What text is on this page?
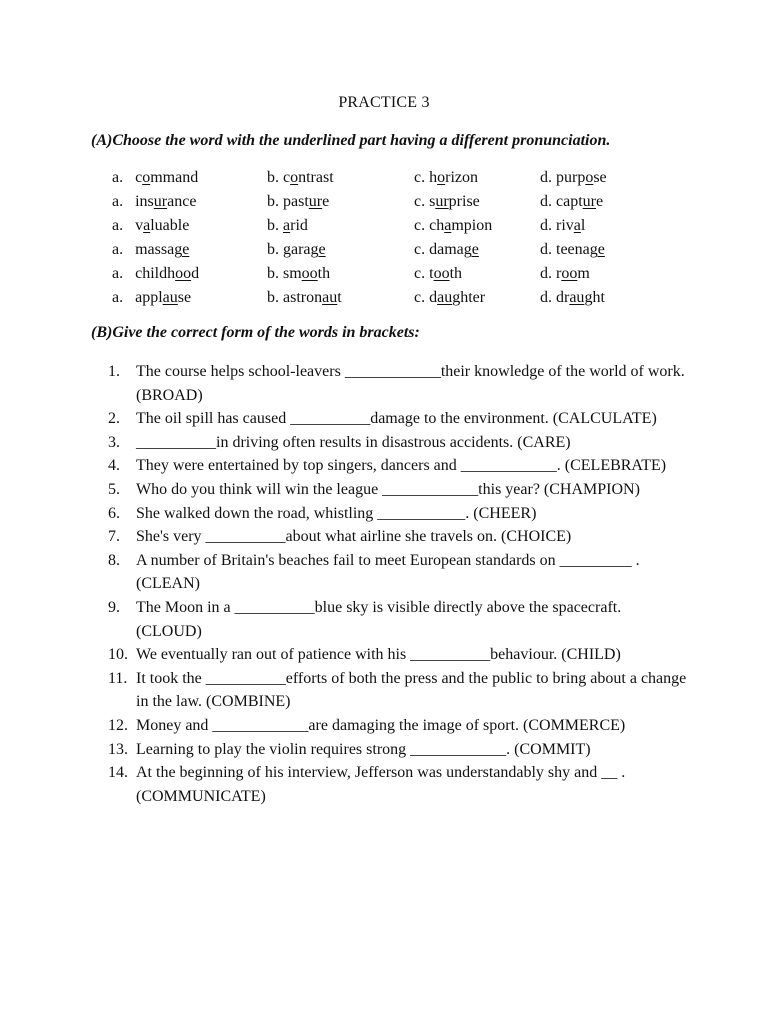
PRACTICE 3
(A)Choose the word with the underlined part having a different pronunciation.
a. command	b. contrast	c. horizon	d. purpose
a. insurance	b. pasture	c. surprise	d. capture
a. valuable	b. arid	c. champion	d. rival
a. massage	b. garage	c. damage	d. teenage
a. childhood	b. smooth	c. tooth	d. room
a. applause	b. astronaut	c. daughter	d. draught
(B)Give the correct form of the words in brackets:
1.	The course helps school-leavers ____________their knowledge of the world of work. (BROAD)
2.	The oil spill has caused __________damage to the environment. (CALCULATE)
3.	__________in driving often results in disastrous accidents. (CARE)
4.	They were entertained by top singers, dancers and ____________. (CELEBRATE)
5.	Who do you think will win the league ____________this year? (CHAMPION)
6.	She walked down the road, whistling ___________. (CHEER)
7.	She's very __________about what airline she travels on. (CHOICE)
8.	A number of Britain's beaches fail to meet European standards on _________ . (CLEAN)
9.	The Moon in a __________blue sky is visible directly above the spacecraft. (CLOUD)
10. We eventually ran out of patience with his __________behaviour. (CHILD)
11. It took the __________efforts of both the press and the public to bring about a change in the law. (COMBINE)
12. Money and ____________are damaging the image of sport. (COMMERCE)
13. Learning to play the violin requires strong ____________. (COMMIT)
14. At the beginning of his interview, Jefferson was understandably shy and __ . (COMMUNICATE)
